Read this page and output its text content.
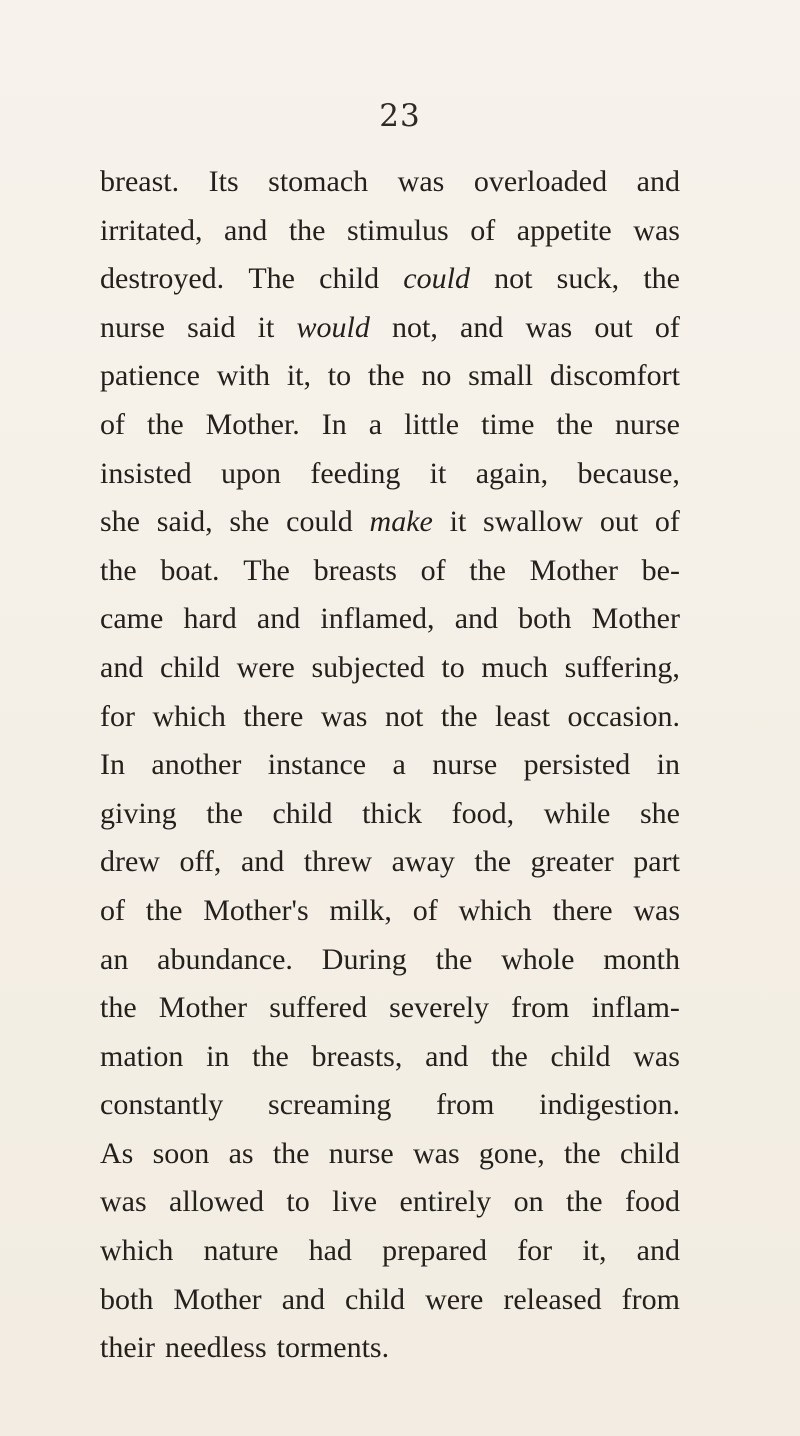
23
breast. Its stomach was overloaded and
irritated, and the stimulus of appetite was
destroyed. The child could not suck, the
nurse said it would not, and was out of
patience with it, to the no small discomfort
of the Mother. In a little time the nurse
insisted upon feeding it again, because,
she said, she could make it swallow out of
the boat. The breasts of the Mother be-
came hard and inflamed, and both Mother
and child were subjected to much suffering,
for which there was not the least occasion.
In another instance a nurse persisted in
giving the child thick food, while she
drew off, and threw away the greater part
of the Mother's milk, of which there was
an abundance. During the whole month
the Mother suffered severely from inflam-
mation in the breasts, and the child was
constantly screaming from indigestion.
As soon as the nurse was gone, the child
was allowed to live entirely on the food
which nature had prepared for it, and
both Mother and child were released from
their needless torments.
